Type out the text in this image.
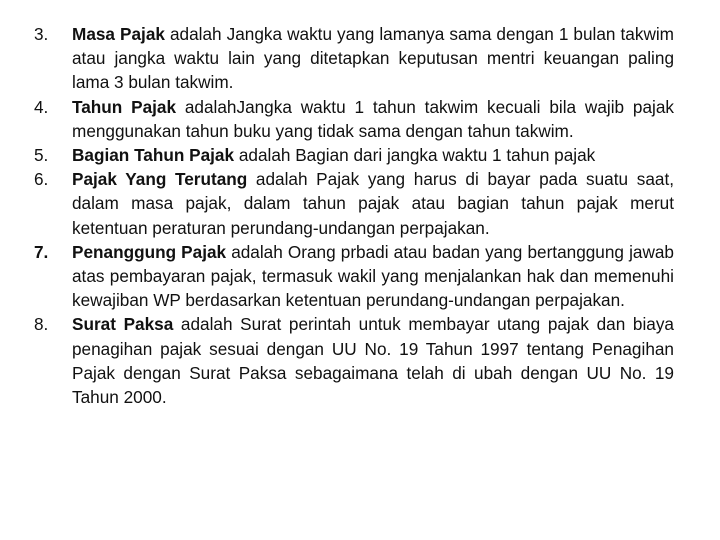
3.	Masa Pajak adalah Jangka waktu yang lamanya sama dengan 1 bulan takwim atau jangka waktu lain yang ditetapkan keputusan mentri keuangan paling lama 3 bulan takwim.
4.	Tahun Pajak adalahJangka waktu 1 tahun takwim kecuali bila wajib pajak menggunakan tahun buku yang tidak sama dengan tahun takwim.
5.	Bagian Tahun Pajak adalah Bagian dari jangka waktu 1 tahun pajak
6.	Pajak Yang Terutang adalah Pajak yang harus di bayar pada suatu saat, dalam masa pajak, dalam tahun pajak atau bagian tahun pajak merut ketentuan peraturan perundang-undangan perpajakan.
7.	Penanggung Pajak adalah Orang prbadi atau badan yang bertanggung jawab atas pembayaran pajak, termasuk wakil yang menjalankan hak dan memenuhi kewajiban WP berdasarkan ketentuan perundang-undangan perpajakan.
8.	Surat Paksa adalah Surat perintah untuk membayar utang pajak dan biaya penagihan pajak sesuai dengan UU No. 19 Tahun 1997 tentang Penagihan Pajak dengan Surat Paksa sebagaimana telah di ubah dengan UU No. 19 Tahun 2000.
